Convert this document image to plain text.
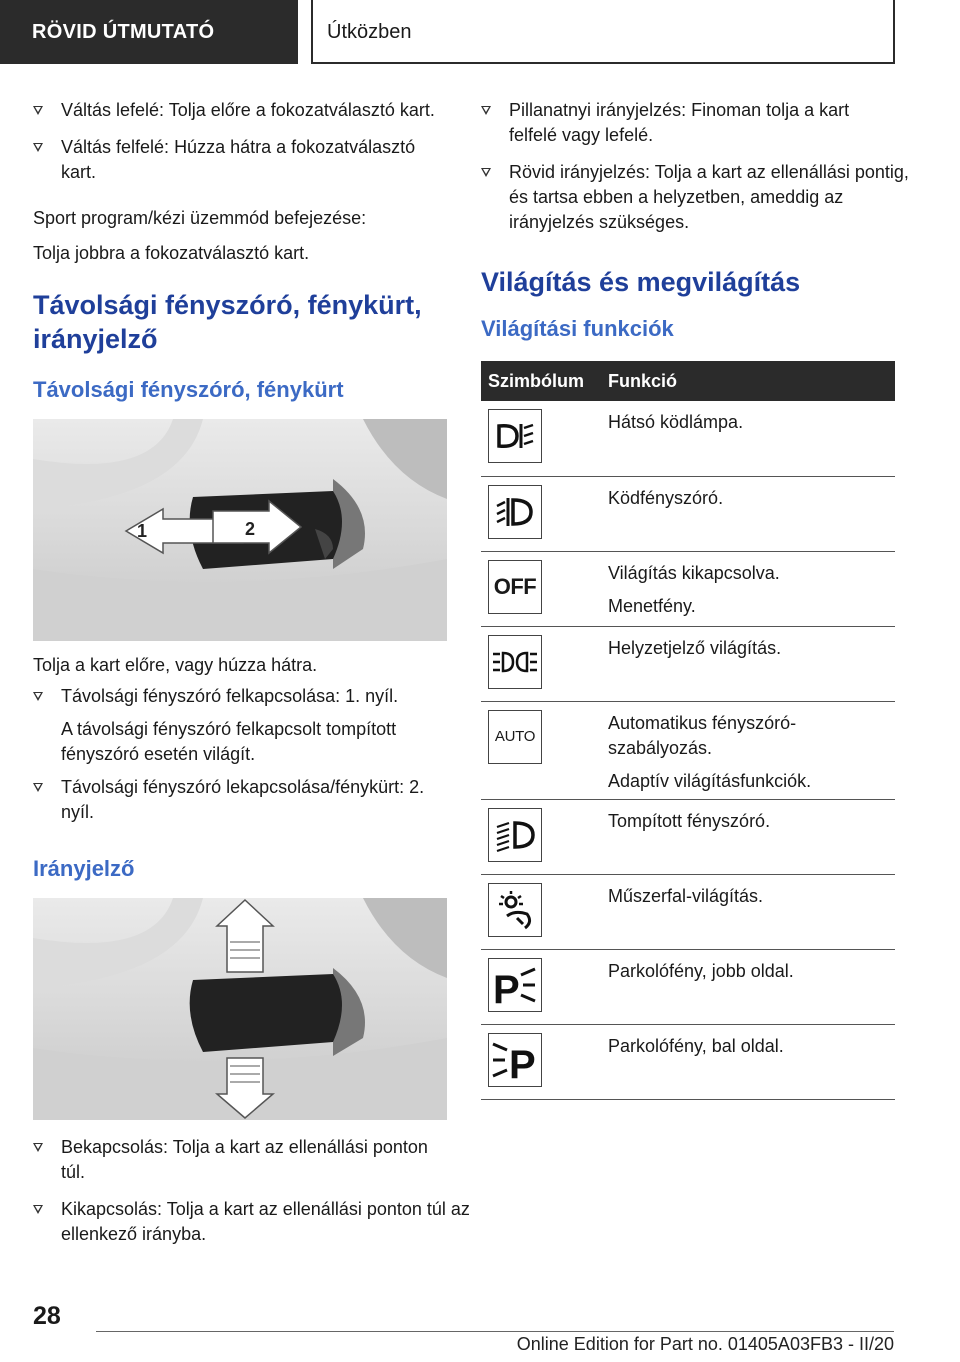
RÖVID ÚTMUTATÓ	Útközben
Váltás lefelé: Tolja előre a fokozatválasztó kart.
Váltás felfelé: Húzza hátra a fokozatválasztó kart.

Sport program/kézi üzemmód befejezése:

Tolja jobbra a fokozatválasztó kart.

Távolsági fényszóró, fénykürt, irányjelző
Távolsági fényszóró, fénykürt
1	2

Tolja a kart előre, vagy húzza hátra.

Távolsági fényszóró felkapcsolása: 1. nyíl.

A távolsági fényszóró felkapcsolt tompított fényszóró esetén világít.

Távolsági fényszóró lekapcsolása/fénykürt: 2. nyíl.
Irányjelző
Bekapcsolás: Tolja a kart az ellenállási ponton túl.
Kikapcsolás: Tolja a kart az ellenállási ponton túl az ellenkező irányba.
Pillanatnyi irányjelzés: Finoman tolja a kart felfelé vagy lefelé.
Rövid irányjelzés: Tolja a kart az ellenállási pontig, és tartsa ebben a helyzetben, ameddig az irányjelzés szükséges.
Világítás és megvilágítás
Világítási funkciók
Szimbólum	Funkció

Hátsó ködlámpa.

Ködfényszóró.

OFF	Világítás kikapcsolva.
Menetfény.

Helyzetjelző világítás.

AUTO	Automatikus fényszóró-szabályozás.
Adaptív világításfunkciók.

Tompított fényszóró.

Műszerfal-világítás.

P	Parkolófény, jobb oldal.

P	Parkolófény, bal oldal.
28
Online Edition for Part no. 01405A03FB3 - II/20
